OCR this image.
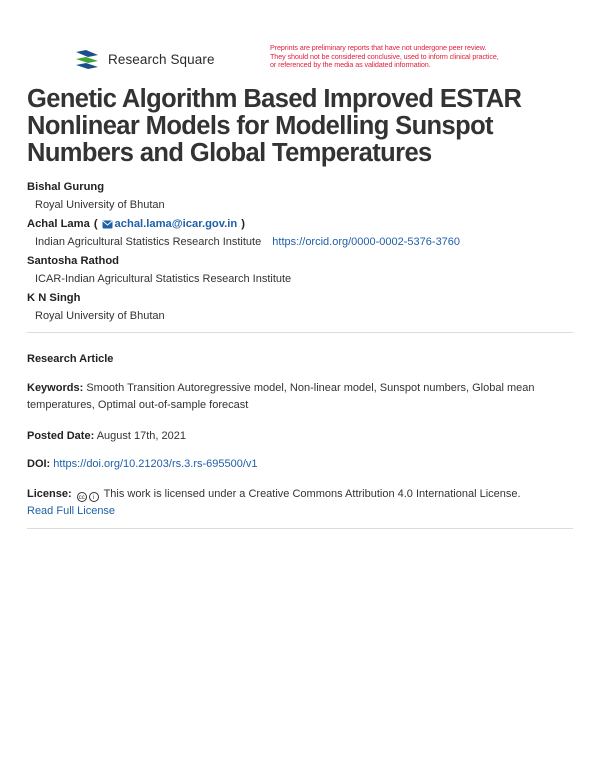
Research Square
Preprints are preliminary reports that have not undergone peer review.
They should not be considered conclusive, used to inform clinical practice,
or referenced by the media as validated information.
Genetic Algorithm Based Improved ESTAR Nonlinear Models for Modelling Sunspot Numbers and Global Temperatures
Bishal Gurung
Royal University of Bhutan
Achal Lama ( achal.lama@icar.gov.in )
Indian Agricultural Statistics Research Institute https://orcid.org/0000-0002-5376-3760
Santosha Rathod
ICAR-Indian Agricultural Statistics Research Institute
K N Singh
Royal University of Bhutan
Research Article
Keywords: Smooth Transition Autoregressive model, Non-linear model, Sunspot numbers, Global mean temperatures, Optimal out-of-sample forecast
Posted Date: August 17th, 2021
DOI: https://doi.org/10.21203/rs.3.rs-695500/v1
License:	cc	i This work is licensed under a Creative Commons Attribution 4.0 International License.
Read Full License
